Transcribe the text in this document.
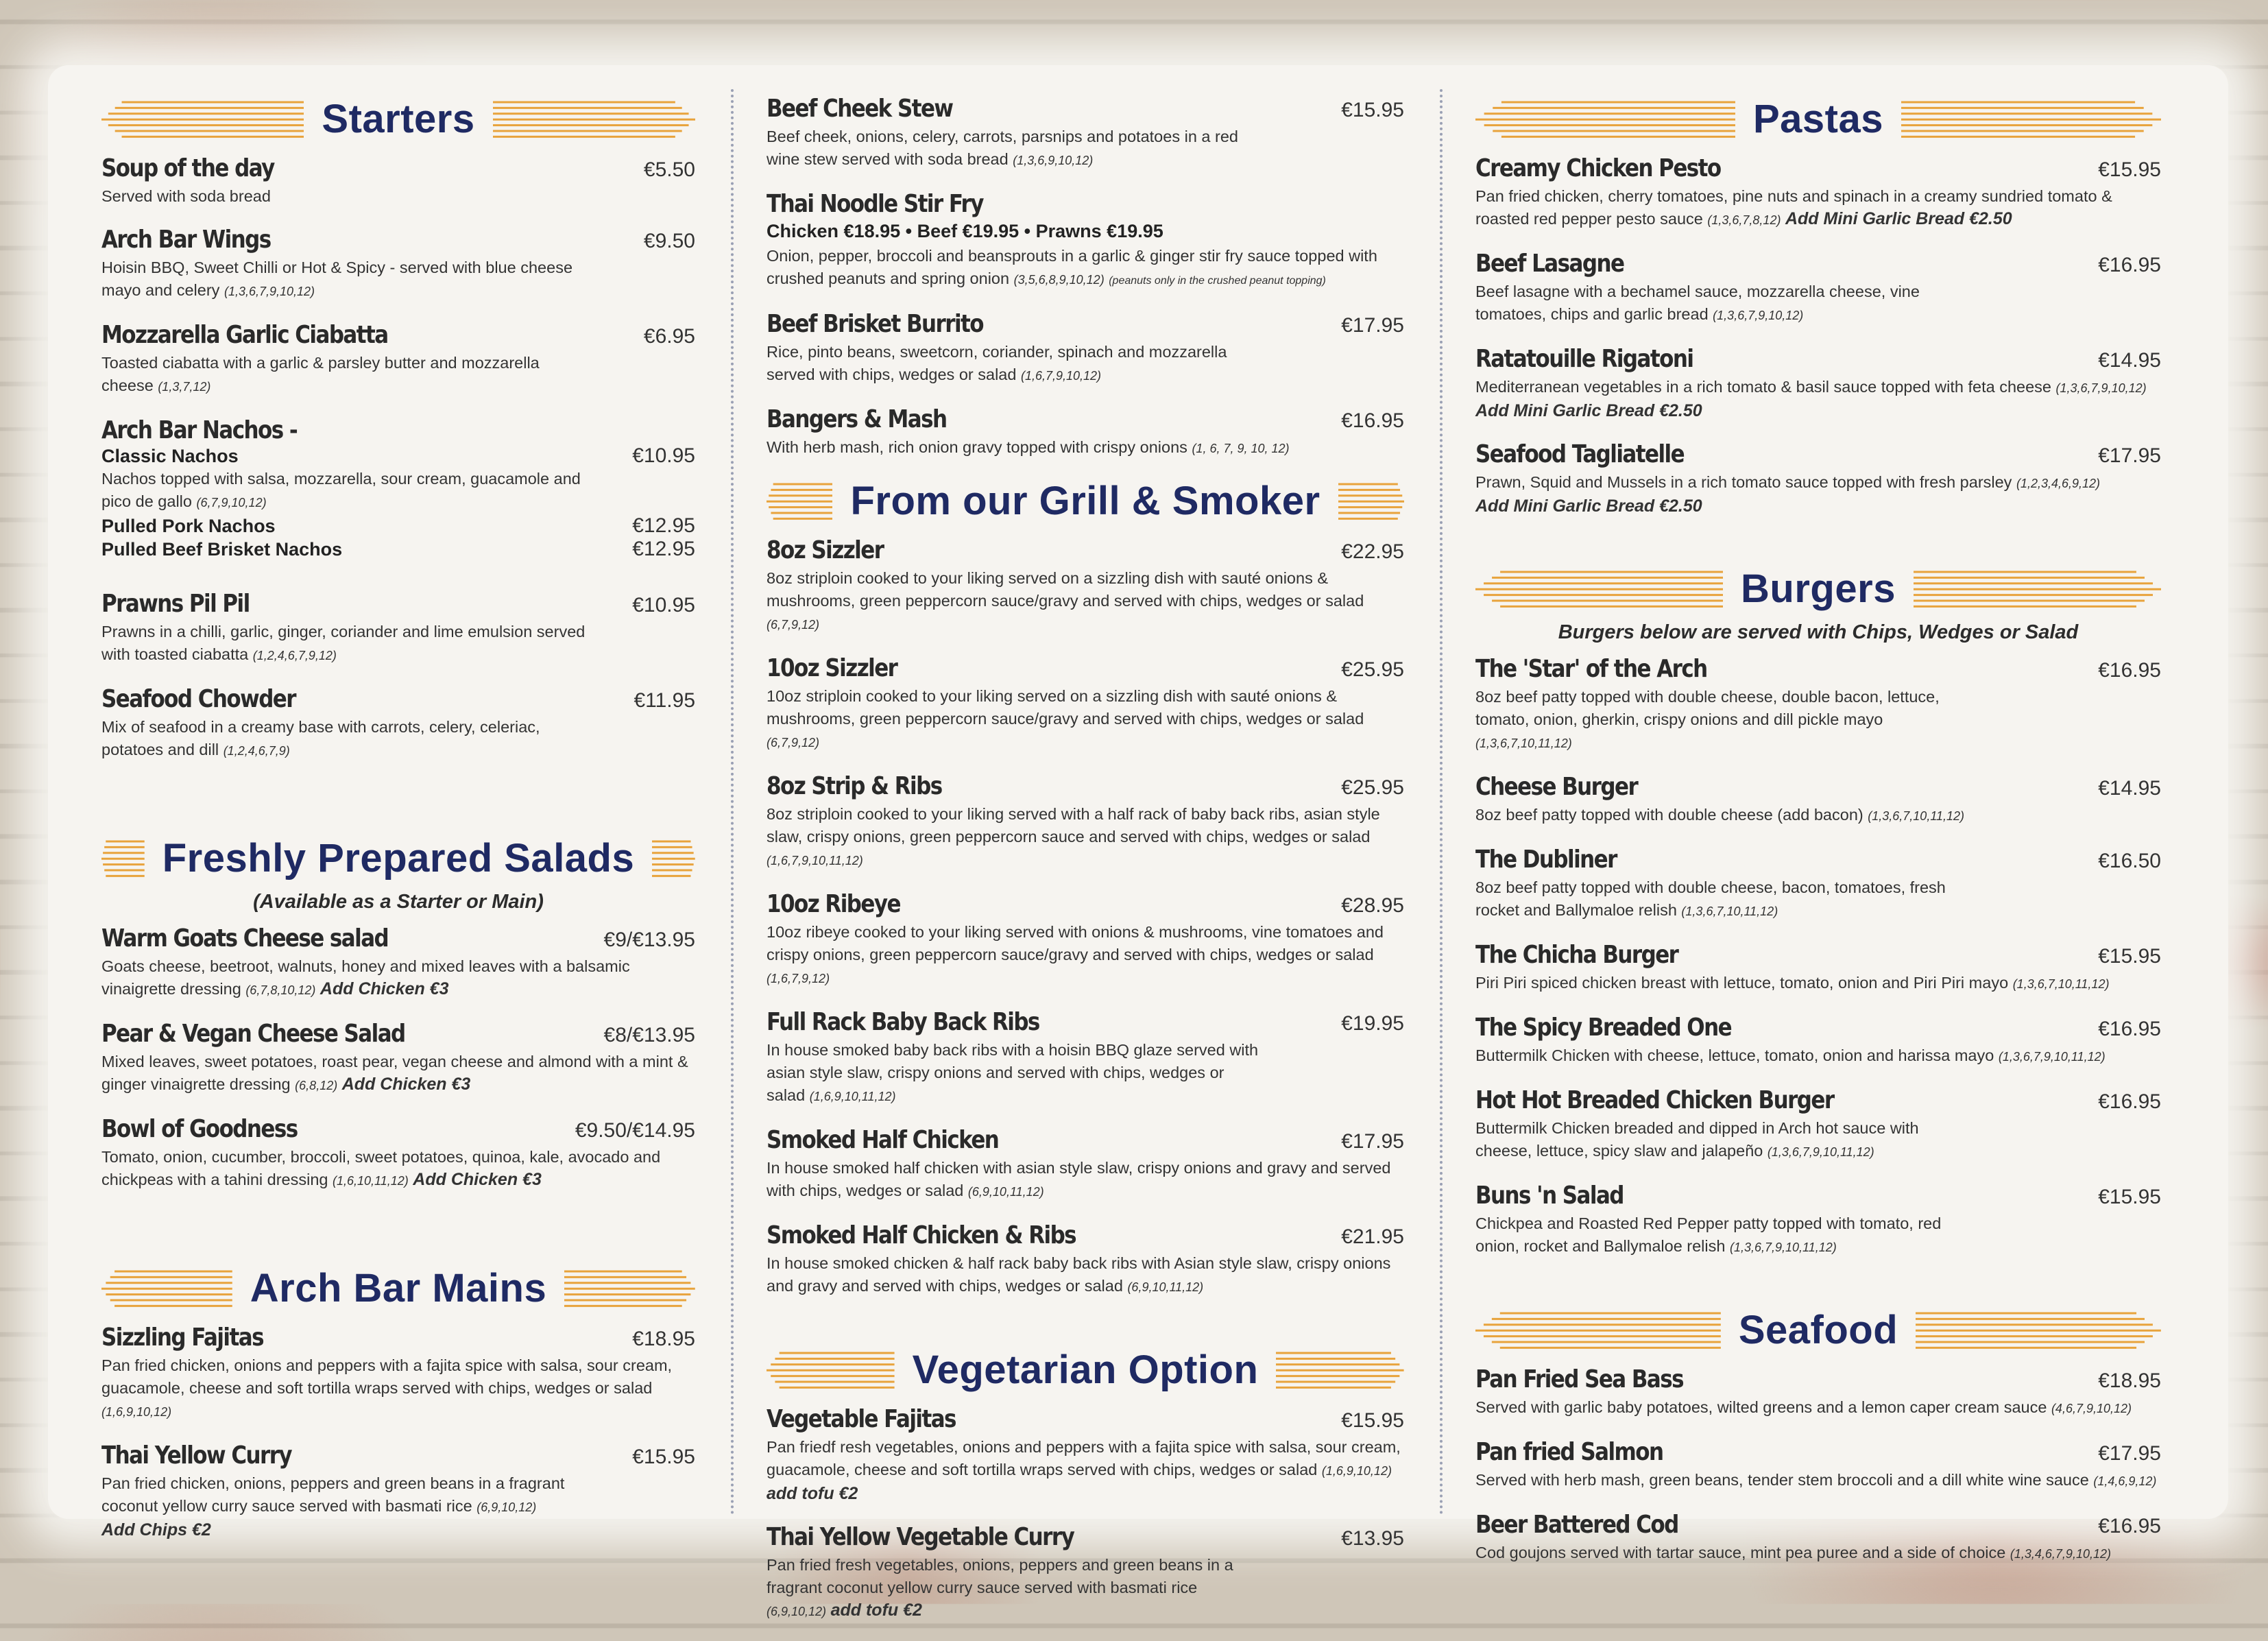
Starters
Soup of the day	€5.50
Served with soda bread
Arch Bar Wings	€9.50
Hoisin BBQ, Sweet Chilli or Hot & Spicy - served with blue cheese mayo and celery (1,3,6,7,9,10,12)
Mozzarella Garlic Ciabatta	€6.95
Toasted ciabatta with a garlic & parsley butter and mozzarella cheese (1,3,7,12)
Arch Bar Nachos -
Classic Nachos	€10.95
Nachos topped with salsa, mozzarella, sour cream, guacamole and pico de gallo (6,7,9,10,12)
Pulled Pork Nachos	€12.95
Pulled Beef Brisket Nachos	€12.95
Prawns Pil Pil	€10.95
Prawns in a chilli, garlic, ginger, coriander and lime emulsion served with toasted ciabatta (1,2,4,6,7,9,12)
Seafood Chowder	€11.95
Mix of seafood in a creamy base with carrots, celery, celeriac, potatoes and dill (1,2,4,6,7,9)
Freshly Prepared Salads
(Available as a Starter or Main)
Warm Goats Cheese salad	€9/€13.95
Goats cheese, beetroot, walnuts, honey and mixed leaves with a balsamic vinaigrette dressing (6,7,8,10,12) Add Chicken €3
Pear & Vegan Cheese Salad	€8/€13.95
Mixed leaves, sweet potatoes, roast pear, vegan cheese and almond with a mint & ginger vinaigrette dressing (6,8,12) Add Chicken €3
Bowl of Goodness	€9.50/€14.95
Tomato, onion, cucumber, broccoli, sweet potatoes, quinoa, kale, avocado and chickpeas with a tahini dressing (1,6,10,11,12) Add Chicken €3
Arch Bar Mains
Sizzling Fajitas	€18.95
Pan fried chicken, onions and peppers with a fajita spice with salsa, sour cream, guacamole, cheese and soft tortilla wraps served with chips, wedges or salad (1,6,9,10,12)
Thai Yellow Curry	€15.95
Pan fried chicken, onions, peppers and green beans in a fragrant coconut yellow curry sauce served with basmati rice (6,9,10,12)
Add Chips €2
Beef Cheek Stew	€15.95
Beef cheek, onions, celery, carrots, parsnips and potatoes in a red wine stew served with soda bread (1,3,6,9,10,12)
Thai Noodle Stir Fry
Chicken €18.95 • Beef €19.95 • Prawns €19.95
Onion, pepper, broccoli and beansprouts in a garlic & ginger stir fry sauce topped with crushed peanuts and spring onion (3,5,6,8,9,10,12) (peanuts only in the crushed peanut topping)
Beef Brisket Burrito	€17.95
Rice, pinto beans, sweetcorn, coriander, spinach and mozzarella served with chips, wedges or salad (1,6,7,9,10,12)
Bangers & Mash	€16.95
With herb mash, rich onion gravy topped with crispy onions (1, 6, 7, 9, 10, 12)
From our Grill & Smoker
8oz Sizzler	€22.95
8oz striploin cooked to your liking served on a sizzling dish with sauté onions & mushrooms, green peppercorn sauce/gravy and served with chips, wedges or salad (6,7,9,12)
10oz Sizzler	€25.95
10oz striploin cooked to your liking served on a sizzling dish with sauté onions & mushrooms, green peppercorn sauce/gravy and served with chips, wedges or salad (6,7,9,12)
8oz Strip & Ribs	€25.95
8oz striploin cooked to your liking served with a half rack of baby back ribs, asian style slaw, crispy onions, green peppercorn sauce and served with chips, wedges or salad (1,6,7,9,10,11,12)
10oz Ribeye	€28.95
10oz ribeye cooked to your liking served with onions & mushrooms, vine tomatoes and crispy onions, green peppercorn sauce/gravy and served with chips, wedges or salad (1,6,7,9,12)
Full Rack Baby Back Ribs	€19.95
In house smoked baby back ribs with a hoisin BBQ glaze served with asian style slaw, crispy onions and served with chips, wedges or salad (1,6,9,10,11,12)
Smoked Half Chicken	€17.95
In house smoked half chicken with asian style slaw, crispy onions and gravy and served with chips, wedges or salad (6,9,10,11,12)
Smoked Half Chicken & Ribs	€21.95
In house smoked chicken & half rack baby back ribs with Asian style slaw, crispy onions and gravy and served with chips, wedges or salad (6,9,10,11,12)
Vegetarian Option
Vegetable Fajitas	€15.95
Pan friedf resh vegetables, onions and peppers with a fajita spice with salsa, sour cream, guacamole, cheese and soft tortilla wraps served with chips, wedges or salad (1,6,9,10,12)
add tofu €2
Thai Yellow Vegetable Curry	€13.95
Pan fried fresh vegetables, onions, peppers and green beans in a fragrant coconut yellow curry sauce served with basmati rice (6,9,10,12) add tofu €2
Pastas
Creamy Chicken Pesto	€15.95
Pan fried chicken, cherry tomatoes, pine nuts and spinach in a creamy sundried tomato & roasted red pepper pesto sauce (1,3,6,7,8,12) Add Mini Garlic Bread €2.50
Beef Lasagne	€16.95
Beef lasagne with a bechamel sauce, mozzarella cheese, vine tomatoes, chips and garlic bread (1,3,6,7,9,10,12)
Ratatouille Rigatoni	€14.95
Mediterranean vegetables in a rich tomato & basil sauce topped with feta cheese (1,3,6,7,9,10,12)
Add Mini Garlic Bread €2.50
Seafood Tagliatelle	€17.95
Prawn, Squid and Mussels in a rich tomato sauce topped with fresh parsley (1,2,3,4,6,9,12)
Add Mini Garlic Bread €2.50
Burgers
Burgers below are served with Chips, Wedges or Salad
The 'Star' of the Arch	€16.95
8oz beef patty topped with double cheese, double bacon, lettuce, tomato, onion, gherkin, crispy onions and dill pickle mayo (1,3,6,7,10,11,12)
Cheese Burger	€14.95
8oz beef patty topped with double cheese (add bacon) (1,3,6,7,10,11,12)
The Dubliner	€16.50
8oz beef patty topped with double cheese, bacon, tomatoes, fresh rocket and Ballymaloe relish (1,3,6,7,10,11,12)
The Chicha Burger	€15.95
Piri Piri spiced chicken breast with lettuce, tomato, onion and Piri Piri mayo (1,3,6,7,10,11,12)
The Spicy Breaded One	€16.95
Buttermilk Chicken with cheese, lettuce, tomato, onion and harissa mayo (1,3,6,7,9,10,11,12)
Hot Hot Breaded Chicken Burger	€16.95
Buttermilk Chicken breaded and dipped in Arch hot sauce with cheese, lettuce, spicy slaw and jalapeño (1,3,6,7,9,10,11,12)
Buns 'n Salad	€15.95
Chickpea and Roasted Red Pepper patty topped with tomato, red onion, rocket and Ballymaloe relish (1,3,6,7,9,10,11,12)
Seafood
Pan Fried Sea Bass	€18.95
Served with garlic baby potatoes, wilted greens and a lemon caper cream sauce (4,6,7,9,10,12)
Pan fried Salmon	€17.95
Served with herb mash, green beans, tender stem broccoli and a dill white wine sauce (1,4,6,9,12)
Beer Battered Cod	€16.95
Cod goujons served with tartar sauce, mint pea puree and a side of choice (1,3,4,6,7,9,10,12)
